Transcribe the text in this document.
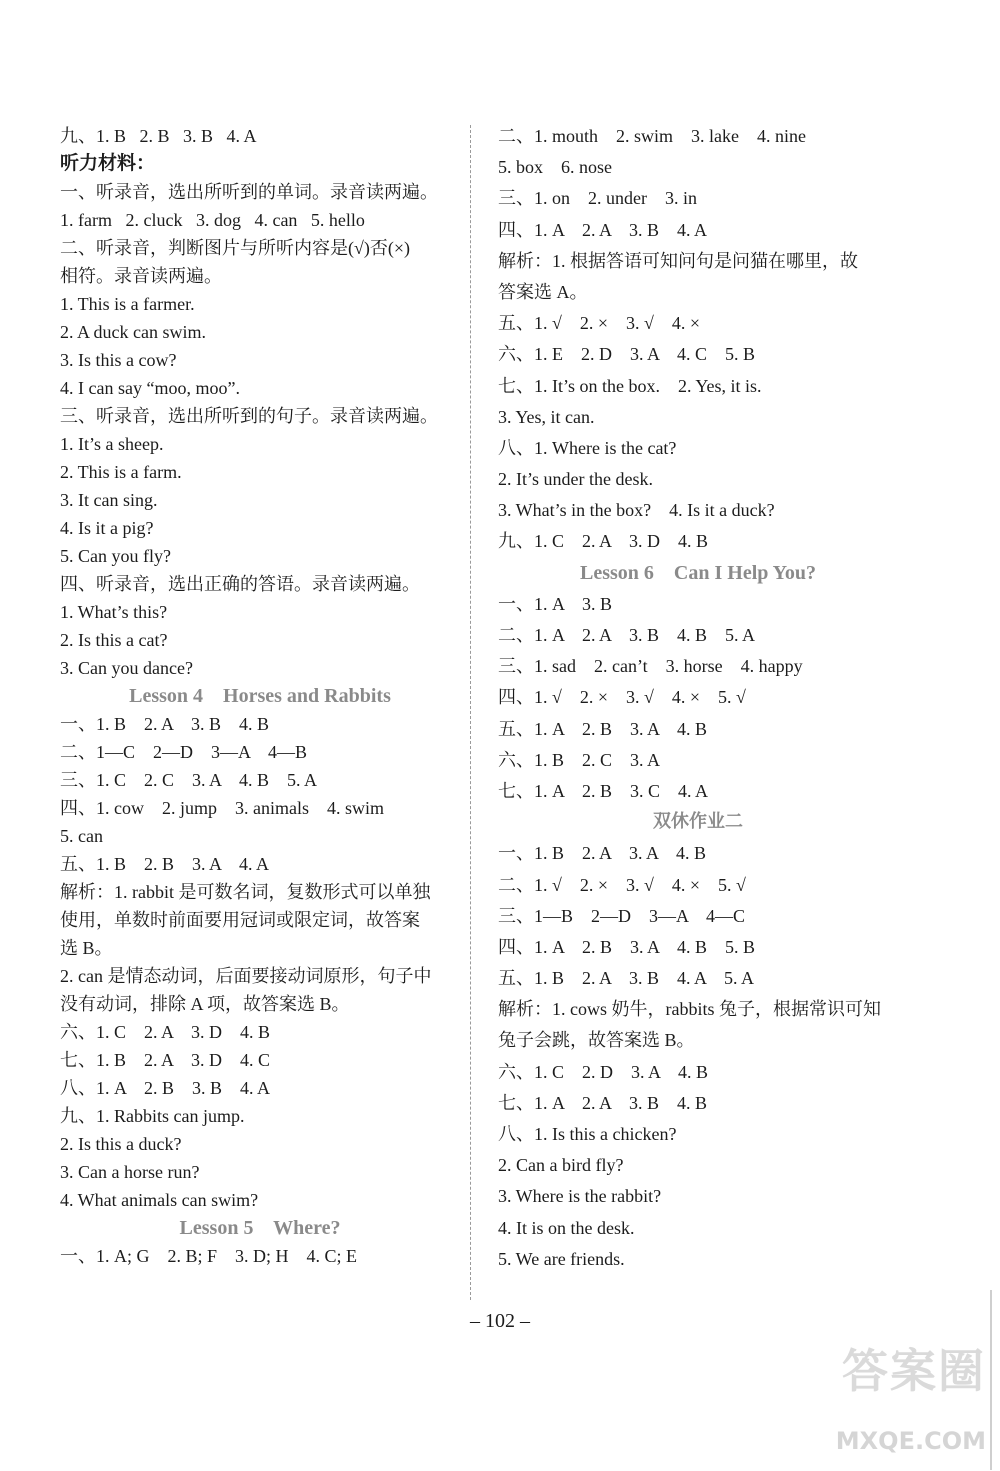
九、1. B   2. B   3. B   4. A
听力材料：
一、听录音，选出所听到的单词。录音读两遍。
1. farm   2. cluck   3. dog   4. can   5. hello
二、听录音，判断图片与所听内容是(√)否(×)
相符。录音读两遍。
1. This is a farmer.
2. A duck can swim.
3. Is this a cow?
4. I can say “moo, moo”.
三、听录音，选出所听到的句子。录音读两遍。
1. It’s a sheep.
2. This is a farm.
3. It can sing.
4. Is it a pig?
5. Can you fly?
四、听录音，选出正确的答语。录音读两遍。
1. What’s this?
2. Is this a cat?
3. Can you dance?
Lesson 4    Horses and Rabbits
一、1. B    2. A    3. B    4. B
二、1—C    2—D    3—A    4—B
三、1. C    2. C    3. A    4. B    5. A
四、1. cow    2. jump    3. animals    4. swim
5. can
五、1. B    2. B    3. A    4. A
解析：1. rabbit 是可数名词，复数形式可以单独
使用，单数时前面要用冠词或限定词，故答案
选 B。
2. can 是情态动词，后面要接动词原形，句子中
没有动词，排除 A 项，故答案选 B。
六、1. C    2. A    3. D    4. B
七、1. B    2. A    3. D    4. C
八、1. A    2. B    3. B    4. A
九、1. Rabbits can jump.
2. Is this a duck?
3. Can a horse run?
4. What animals can swim?
Lesson 5    Where?
一、1. A; G    2. B; F    3. D; H    4. C; E
二、1. mouth    2. swim    3. lake    4. nine
5. box    6. nose
三、1. on    2. under    3. in
四、1. A    2. A    3. B    4. A
解析：1. 根据答语可知问句是问猫在哪里，故
答案选 A。
五、1. √    2. ×    3. √    4. ×
六、1. E    2. D    3. A    4. C    5. B
七、1. It’s on the box.    2. Yes, it is.
3. Yes, it can.
八、1. Where is the cat?
2. It’s under the desk.
3. What’s in the box?    4. Is it a duck?
九、1. C    2. A    3. D    4. B
Lesson 6    Can I Help You?
一、1. A    3. B
二、1. A    2. A    3. B    4. B    5. A
三、1. sad    2. can’t    3. horse    4. happy
四、1. √    2. ×    3. √    4. ×    5. √
五、1. A    2. B    3. A    4. B
六、1. B    2. C    3. A
七、1. A    2. B    3. C    4. A
双休作业二
一、1. B    2. A    3. A    4. B
二、1. √    2. ×    3. √    4. ×    5. √
三、1—B    2—D    3—A    4—C
四、1. A    2. B    3. A    4. B    5. B
五、1. B    2. A    3. B    4. A    5. A
解析：1. cows 奶牛，rabbits 兔子，根据常识可知
兔子会跳，故答案选 B。
六、1. C    2. D    3. A    4. B
七、1. A    2. A    3. B    4. B
八、1. Is this a chicken?
2. Can a bird fly?
3. Where is the rabbit?
4. It is on the desk.
5. We are friends.
– 102 –
答案圈
MXQE.COM
